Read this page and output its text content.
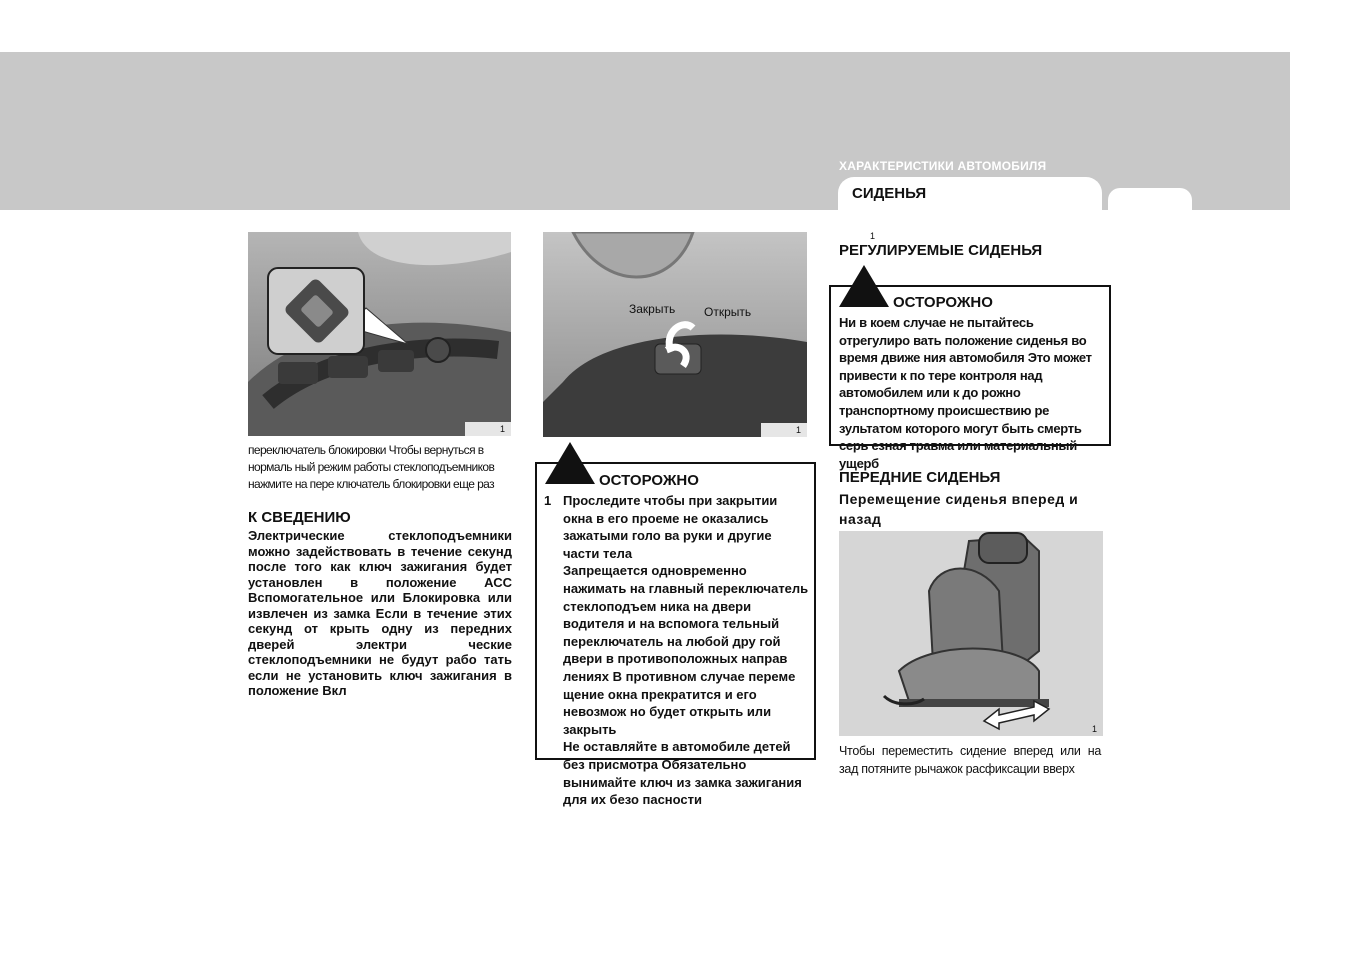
ХАРАКТЕРИСТИКИ АВТОМОБИЛЯ
СИДЕНЬЯ
1
переключатель блокировки Чтобы вернуться в нормаль ный режим работы стеклоподъемников нажмите на пере ключатель блокировки еще раз
К СВЕДЕНИЮ
Электрические стеклоподъемники можно задействовать в течение секунд после того как ключ зажигания будет установлен в положение АСС Вспомогательное или Блокировка или извлечен из замка Если в течение этих секунд от крыть одну из передних дверей электри ческие стеклоподъемники не будут рабо тать если не установить ключ зажигания в положение Вкл
Закрыть Открыть
1
ОСТОРОЖНО
1 Проследите чтобы при закрытии окна в его проеме не оказались зажатыми голо ва руки и другие части тела
Запрещается одновременно нажимать на главный переключатель стеклоподъем ника на двери водителя и на вспомога тельный переключатель на любой дру гой двери в противоположных направ лениях В противном случае переме щение окна прекратится и его невозмож но будет открыть или закрыть
Не оставляйте в автомобиле детей без присмотра Обязательно вынимайте ключ из замка зажигания для их безо пасности
1
РЕГУЛИРУЕМЫЕ СИДЕНЬЯ
ОСТОРОЖНО
Ни в коем случае не пытайтесь отрегулиро вать положение сиденья во время движе ния автомобиля Это может привести к по тере контроля над автомобилем или к до рожно транспортному происшествию ре зультатом которого могут быть смерть серь езная травма или материальный ущерб
ПЕРЕДНИЕ СИДЕНЬЯ
Перемещение сиденья вперед и назад
1
Чтобы переместить сидение вперед или на зад потяните рычажок расфиксации вверх
